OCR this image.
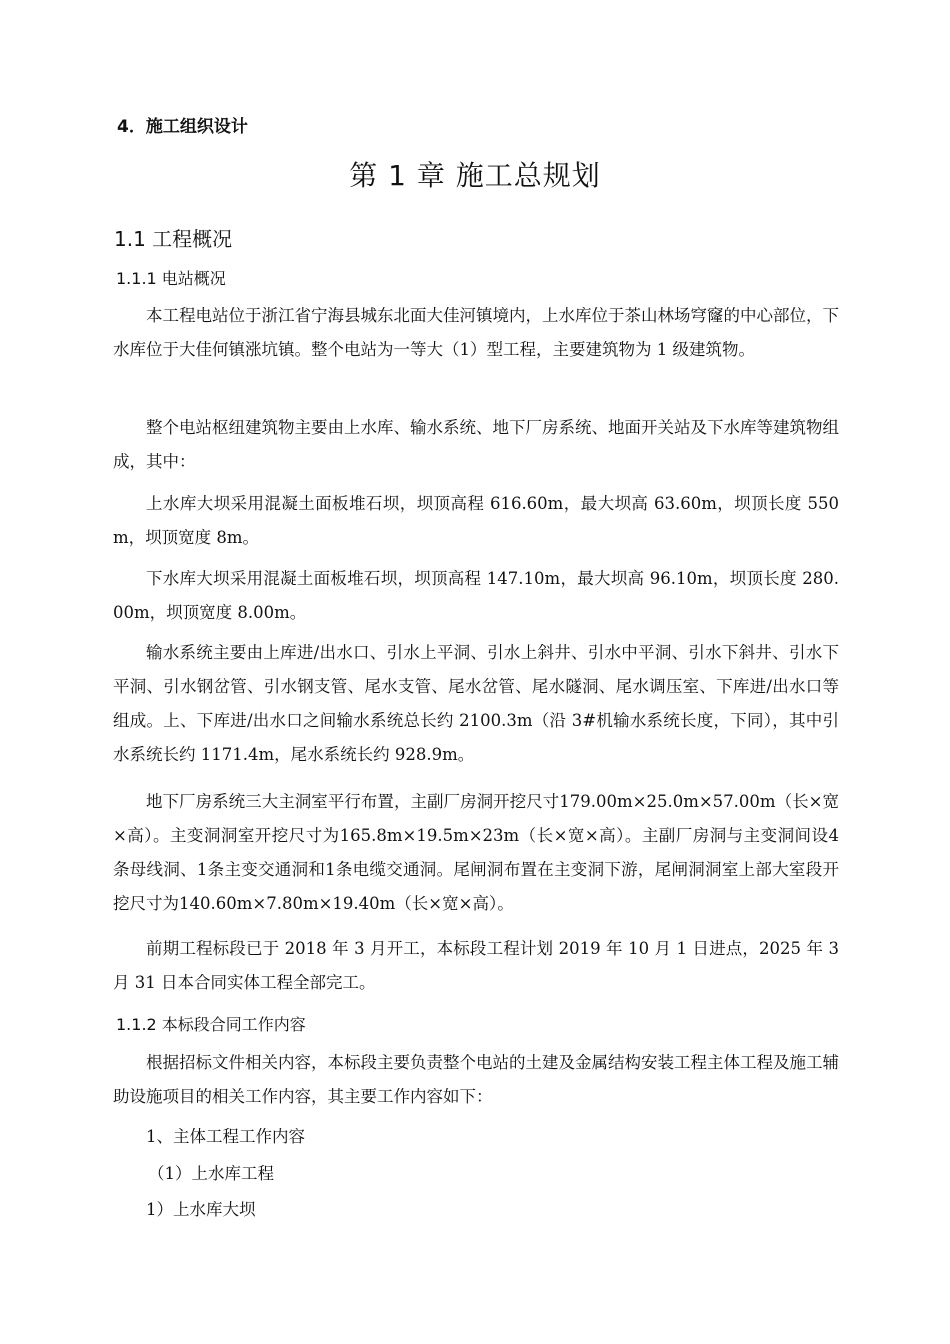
4．施工组织设计
第 1 章 施工总规划
1.1 工程概况
1.1.1 电站概况
本工程电站位于浙江省宁海县城东北面大佳河镇境内，上水库位于茶山林场穹窿的中心部位，下水库位于大佳何镇涨坑镇。整个电站为一等大（1）型工程，主要建筑物为 1 级建筑物。
整个电站枢纽建筑物主要由上水库、输水系统、地下厂房系统、地面开关站及下水库等建筑物组成，其中：
上水库大坝采用混凝土面板堆石坝，坝顶高程 616.60m，最大坝高 63.60m，坝顶长度 550m，坝顶宽度 8m。
下水库大坝采用混凝土面板堆石坝，坝顶高程 147.10m，最大坝高 96.10m，坝顶长度 280.00m，坝顶宽度 8.00m。
输水系统主要由上库进/出水口、引水上平洞、引水上斜井、引水中平洞、引水下斜井、引水下平洞、引水钢岔管、引水钢支管、尾水支管、尾水岔管、尾水隧洞、尾水调压室、下库进/出水口等组成。上、下库进/出水口之间输水系统总长约 2100.3m（沿 3#机输水系统长度，下同），其中引水系统长约 1171.4m，尾水系统长约 928.9m。
地下厂房系统三大主洞室平行布置，主副厂房洞开挖尺寸179.00m×25.0m×57.00m（长×宽×高）。主变洞洞室开挖尺寸为165.8m×19.5m×23m（长×宽×高）。主副厂房洞与主变洞间设4条母线洞、1条主变交通洞和1条电缆交通洞。尾闸洞布置在主变洞下游，尾闸洞洞室上部大室段开挖尺寸为140.60m×7.80m×19.40m（长×宽×高）。
前期工程标段已于 2018 年 3 月开工，本标段工程计划 2019 年 10 月 1 日进点，2025 年 3 月 31 日本合同实体工程全部完工。
1.1.2 本标段合同工作内容
根据招标文件相关内容，本标段主要负责整个电站的土建及金属结构安装工程主体工程及施工辅助设施项目的相关工作内容，其主要工作内容如下：
1、主体工程工作内容
（1）上水库工程
1）上水库大坝
